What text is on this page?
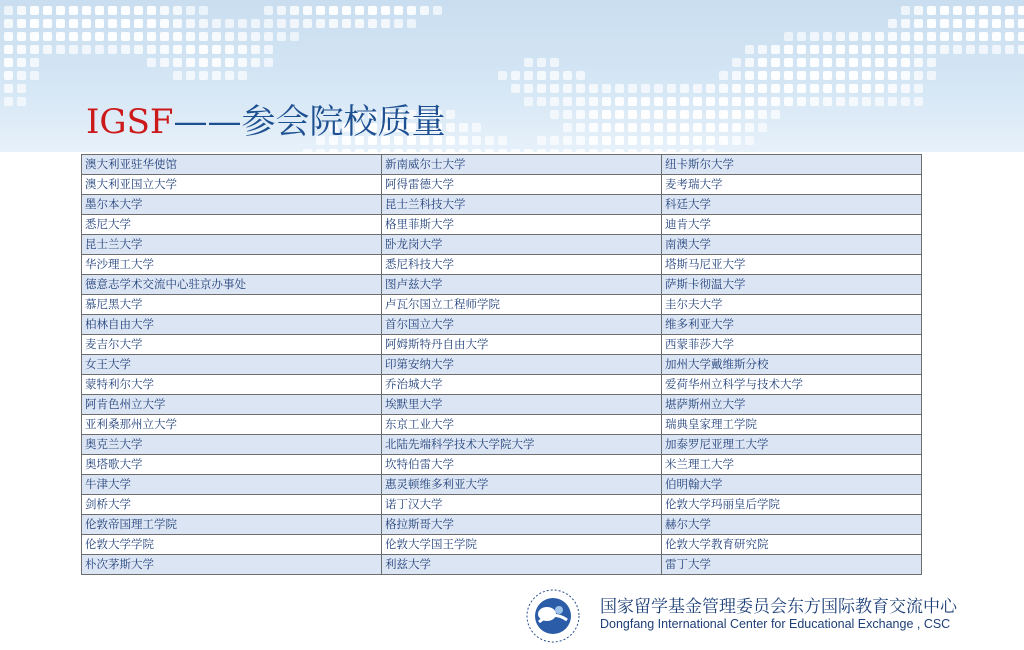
IGSF——参会院校质量
澳大利亚驻华使馆	新南威尔士大学	纽卡斯尔大学
澳大利亚国立大学	阿得雷德大学	麦考瑞大学
墨尔本大学	昆士兰科技大学	科廷大学
悉尼大学	格里菲斯大学	迪肯大学
昆士兰大学	卧龙岗大学	南澳大学
华沙理工大学	悉尼科技大学	塔斯马尼亚大学
德意志学术交流中心驻京办事处	图卢兹大学	萨斯卡彻温大学
慕尼黑大学	卢瓦尔国立工程师学院	圭尔夫大学
柏林自由大学	首尔国立大学	维多利亚大学
麦吉尔大学	阿姆斯特丹自由大学	西蒙菲莎大学
女王大学	印第安纳大学	加州大学戴维斯分校
蒙特利尔大学	乔治城大学	爱荷华州立科学与技术大学
阿肯色州立大学	埃默里大学	堪萨斯州立大学
亚利桑那州立大学	东京工业大学	瑞典皇家理工学院
奥克兰大学	北陆先端科学技术大学院大学	加泰罗尼亚理工大学
奥塔歌大学	坎特伯雷大学	米兰理工大学
牛津大学	惠灵顿维多利亚大学	伯明翰大学
剑桥大学	诺丁汉大学	伦敦大学玛丽皇后学院
伦敦帝国理工学院	格拉斯哥大学	赫尔大学
伦敦大学学院	伦敦大学国王学院	伦敦大学教育研究院
朴次茅斯大学	利兹大学	雷丁大学
国家留学基金管理委员会东方国际教育交流中心
Dongfang International Center for Educational Exchange , CSC
